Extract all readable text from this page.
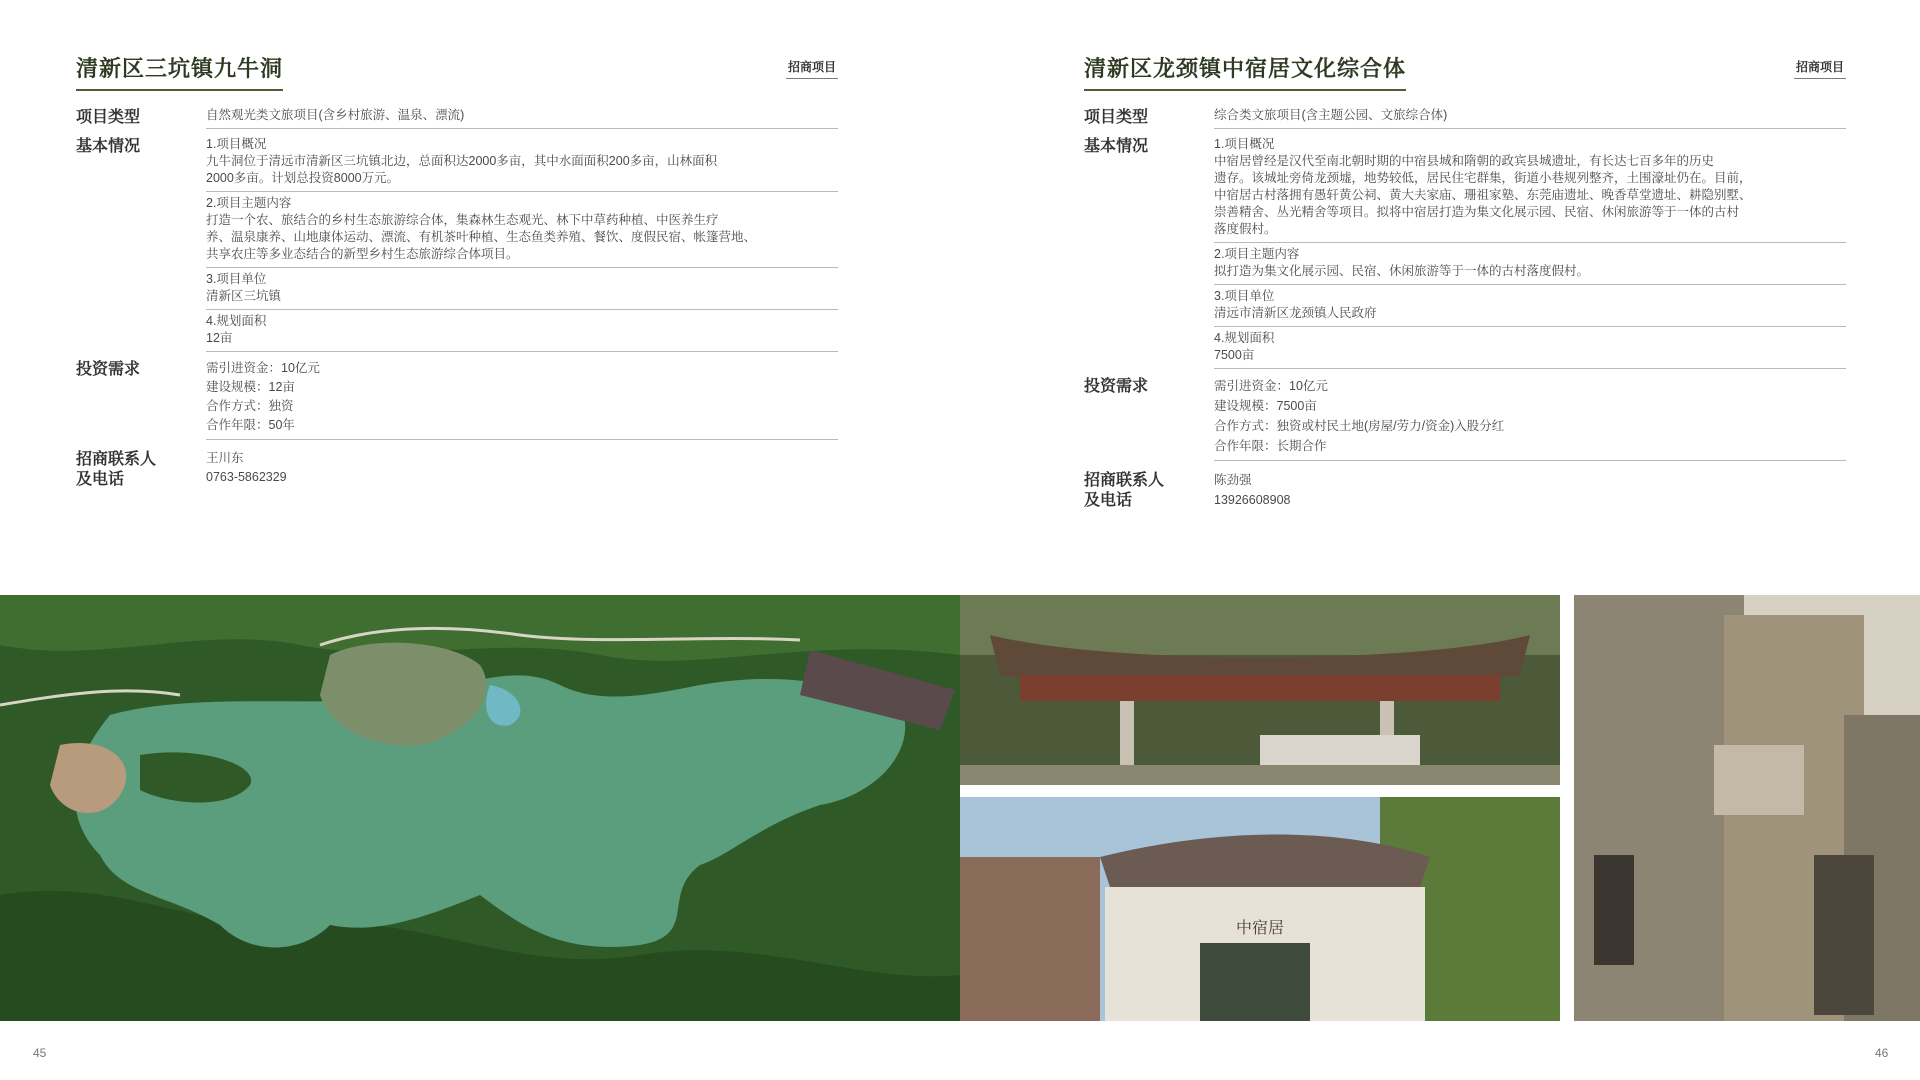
清新区三坑镇九牛洞	招商项目
项目类型	自然观光类文旅项目(含乡村旅游、温泉、漂流)
基本情况	1.项目概况
九牛洞位于清远市清新区三坑镇北边，总面积达2000多亩，其中水面面积200多亩，山林面积
2000多亩。计划总投资8000万元。
2.项目主题内容
打造一个农、旅结合的乡村生态旅游综合体，集森林生态观光、林下中草药种植、中医养生疗
养、温泉康养、山地康体运动、漂流、有机茶叶种植、生态鱼类养殖、餐饮、度假民宿、帐篷营地、
共享农庄等多业态结合的新型乡村生态旅游综合体项目。
3.项目单位
清新区三坑镇
4.规划面积
12亩
投资需求	需引进资金：10亿元
建设规模：12亩
合作方式：独资
合作年限：50年
招商联系人
及电话
王川东
0763-5862329
清新区龙颈镇中宿居文化综合体	招商项目
项目类型	综合类文旅项目(含主题公园、文旅综合体)
基本情况	1.项目概况
中宿居曾经是汉代至南北朝时期的中宿县城和隋朝的政宾县城遗址，有长达七百多年的历史
遗存。该城址旁倚龙颈墟，地势较低，居民住宅群集，街道小巷规列整齐，土围濠址仍在。目前，
中宿居古村落拥有愚轩黄公祠、黄大夫家庙、珊祖家塾、东莞庙遗址、晚香草堂遗址、耕隐别墅、
崇善精舍、丛光精舍等项目。拟将中宿居打造为集文化展示园、民宿、休闲旅游等于一体的古村
落度假村。
2.项目主题内容
拟打造为集文化展示园、民宿、休闲旅游等于一体的古村落度假村。
3.项目单位
清远市清新区龙颈镇人民政府
4.规划面积
7500亩
投资需求	需引进资金：10亿元
建设规模：7500亩
合作方式：独资或村民土地(房屋/劳力/资金)入股分红
合作年限：长期合作
招商联系人
及电话
陈劲强
13926608908
中宿居
45	46
